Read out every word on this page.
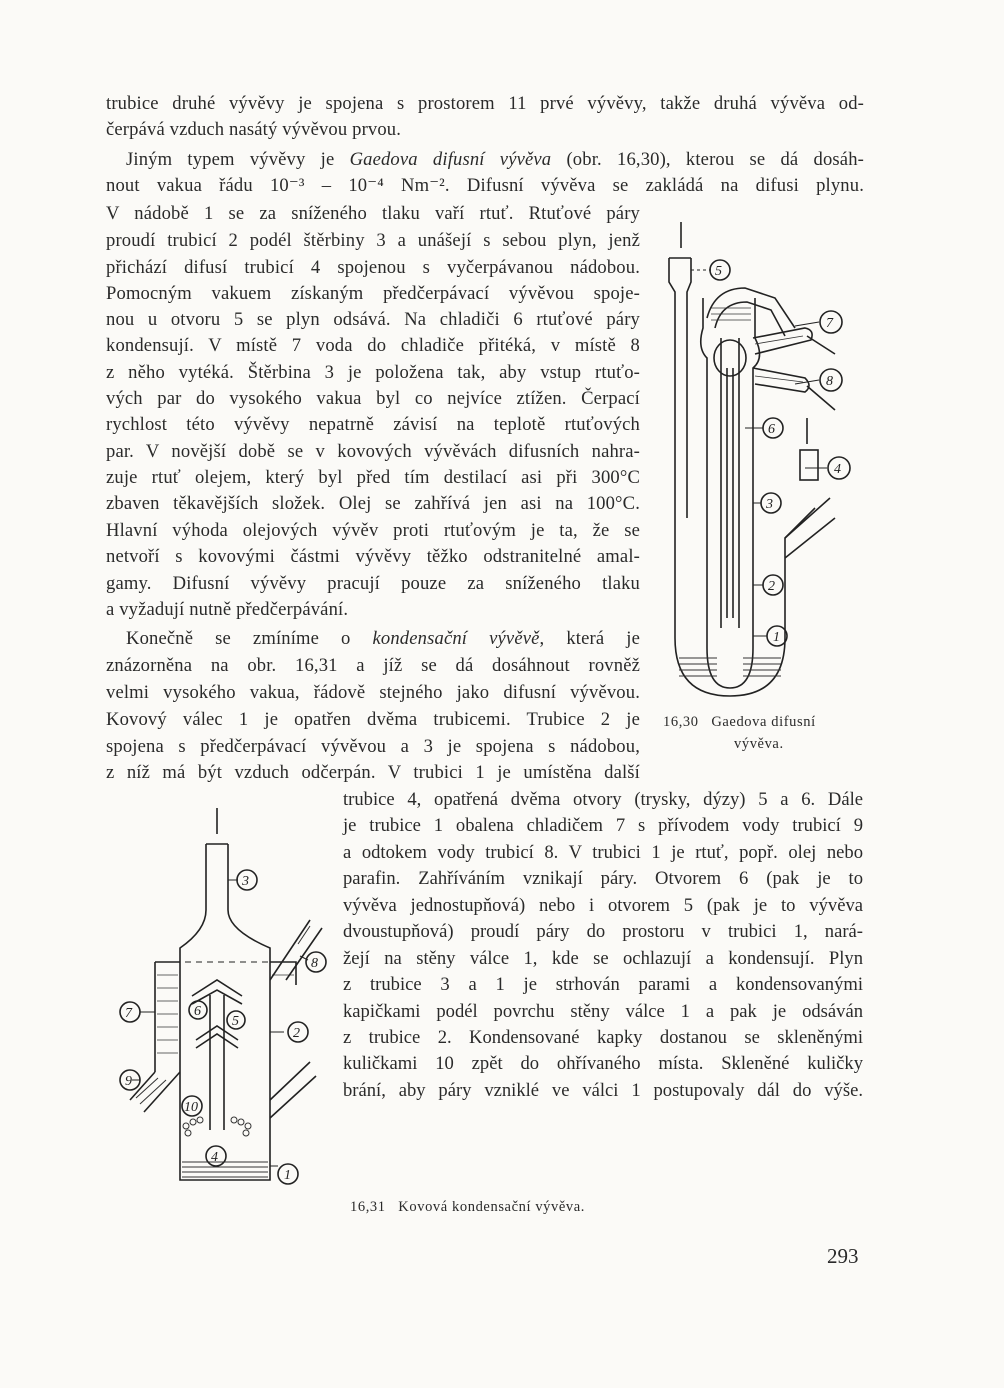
trubice druhé vývěvy je spojena s prostorem 11 prvé vývěvy, takže druhá vývěva od-
čerpává vzduch nasátý vývěvou prvou.
Jiným typem vývěvy je Gaedova difusní vývěva (obr. 16,30), kterou se dá dosáh-
nout vakua řádu 10⁻³ – 10⁻⁴ Nm⁻². Difusní vývěva se zakládá na difusi plynu.
V nádobě 1 se za sníženého tlaku vaří rtuť. Rtuťové páry
proudí trubicí 2 podél štěrbiny 3 a unášejí s sebou plyn, jenž
přichází difusí trubicí 4 spojenou s vyčerpávanou nádobou.
Pomocným vakuem získaným předčerpávací vývěvou spoje-
nou u otvoru 5 se plyn odsává. Na chladiči 6 rtuťové páry
kondensují. V místě 7 voda do chladiče přitéká, v místě 8
z něho vytéká. Štěrbina 3 je položena tak, aby vstup rtuťo-
vých par do vysokého vakua byl co nejvíce ztížen. Čerpací
rychlost této vývěvy nepatrně závisí na teplotě rtuťových
par. V novější době se v kovových vývěvách difusních nahra-
zuje rtuť olejem, který byl před tím destilací asi při 300°C
zbaven těkavějších složek. Olej se zahřívá jen asi na 100°C.
Hlavní výhoda olejových vývěv proti rtuťovým je ta, že se
netvoří s kovovými částmi vývěvy těžko odstranitelné amal-
gamy. Difusní vývěvy pracují pouze za sníženého tlaku
a vyžadují nutně předčerpávání.
Konečně se zmíníme o kondensační vývěvě, která je
znázorněna na obr. 16,31 a jíž se dá dosáhnout rovněž
velmi vysokého vakua, řádově stejného jako difusní vývěvou.
Kovový válec 1 je opatřen dvěma trubicemi. Trubice 2 je
spojena s předčerpávací vývěvou a 3 je spojena s nádobou,
z níž má být vzduch odčerpán. V trubici 1 je umístěna další
trubice 4, opatřená dvěma otvory (trysky, dýzy) 5 a 6. Dále
je trubice 1 obalena chladičem 7 s přívodem vody trubicí 9
a odtokem vody trubicí 8. V trubici 1 je rtuť, popř. olej nebo
parafin. Zahříváním vznikají páry. Otvorem 6 (pak je to
vývěva jednostupňová) nebo i otvorem 5 (pak je to vývěva
dvoustupňová) proudí páry do prostoru v trubici 1, nará-
žejí na stěny válce 1, kde se ochlazují a kondensují. Plyn
z trubice 3 a 1 je strhován parami a kondensovanými
kapičkami podél povrchu stěny válce 1 a pak je odsáván
z trubice 2. Kondensované kapky dostanou se skleněnými
kuličkami 10 zpět do ohřívaného místa. Skleněné kuličky
brání, aby páry vzniklé ve válci 1 postupovaly dál do výše.
5
7
8
6
4
3
2
1
16,30 Gaedova difusní
vývěva.
3
8
6
5
2
7
9
10
4
1
16,31   Kovová kondensační vývěva.
293
